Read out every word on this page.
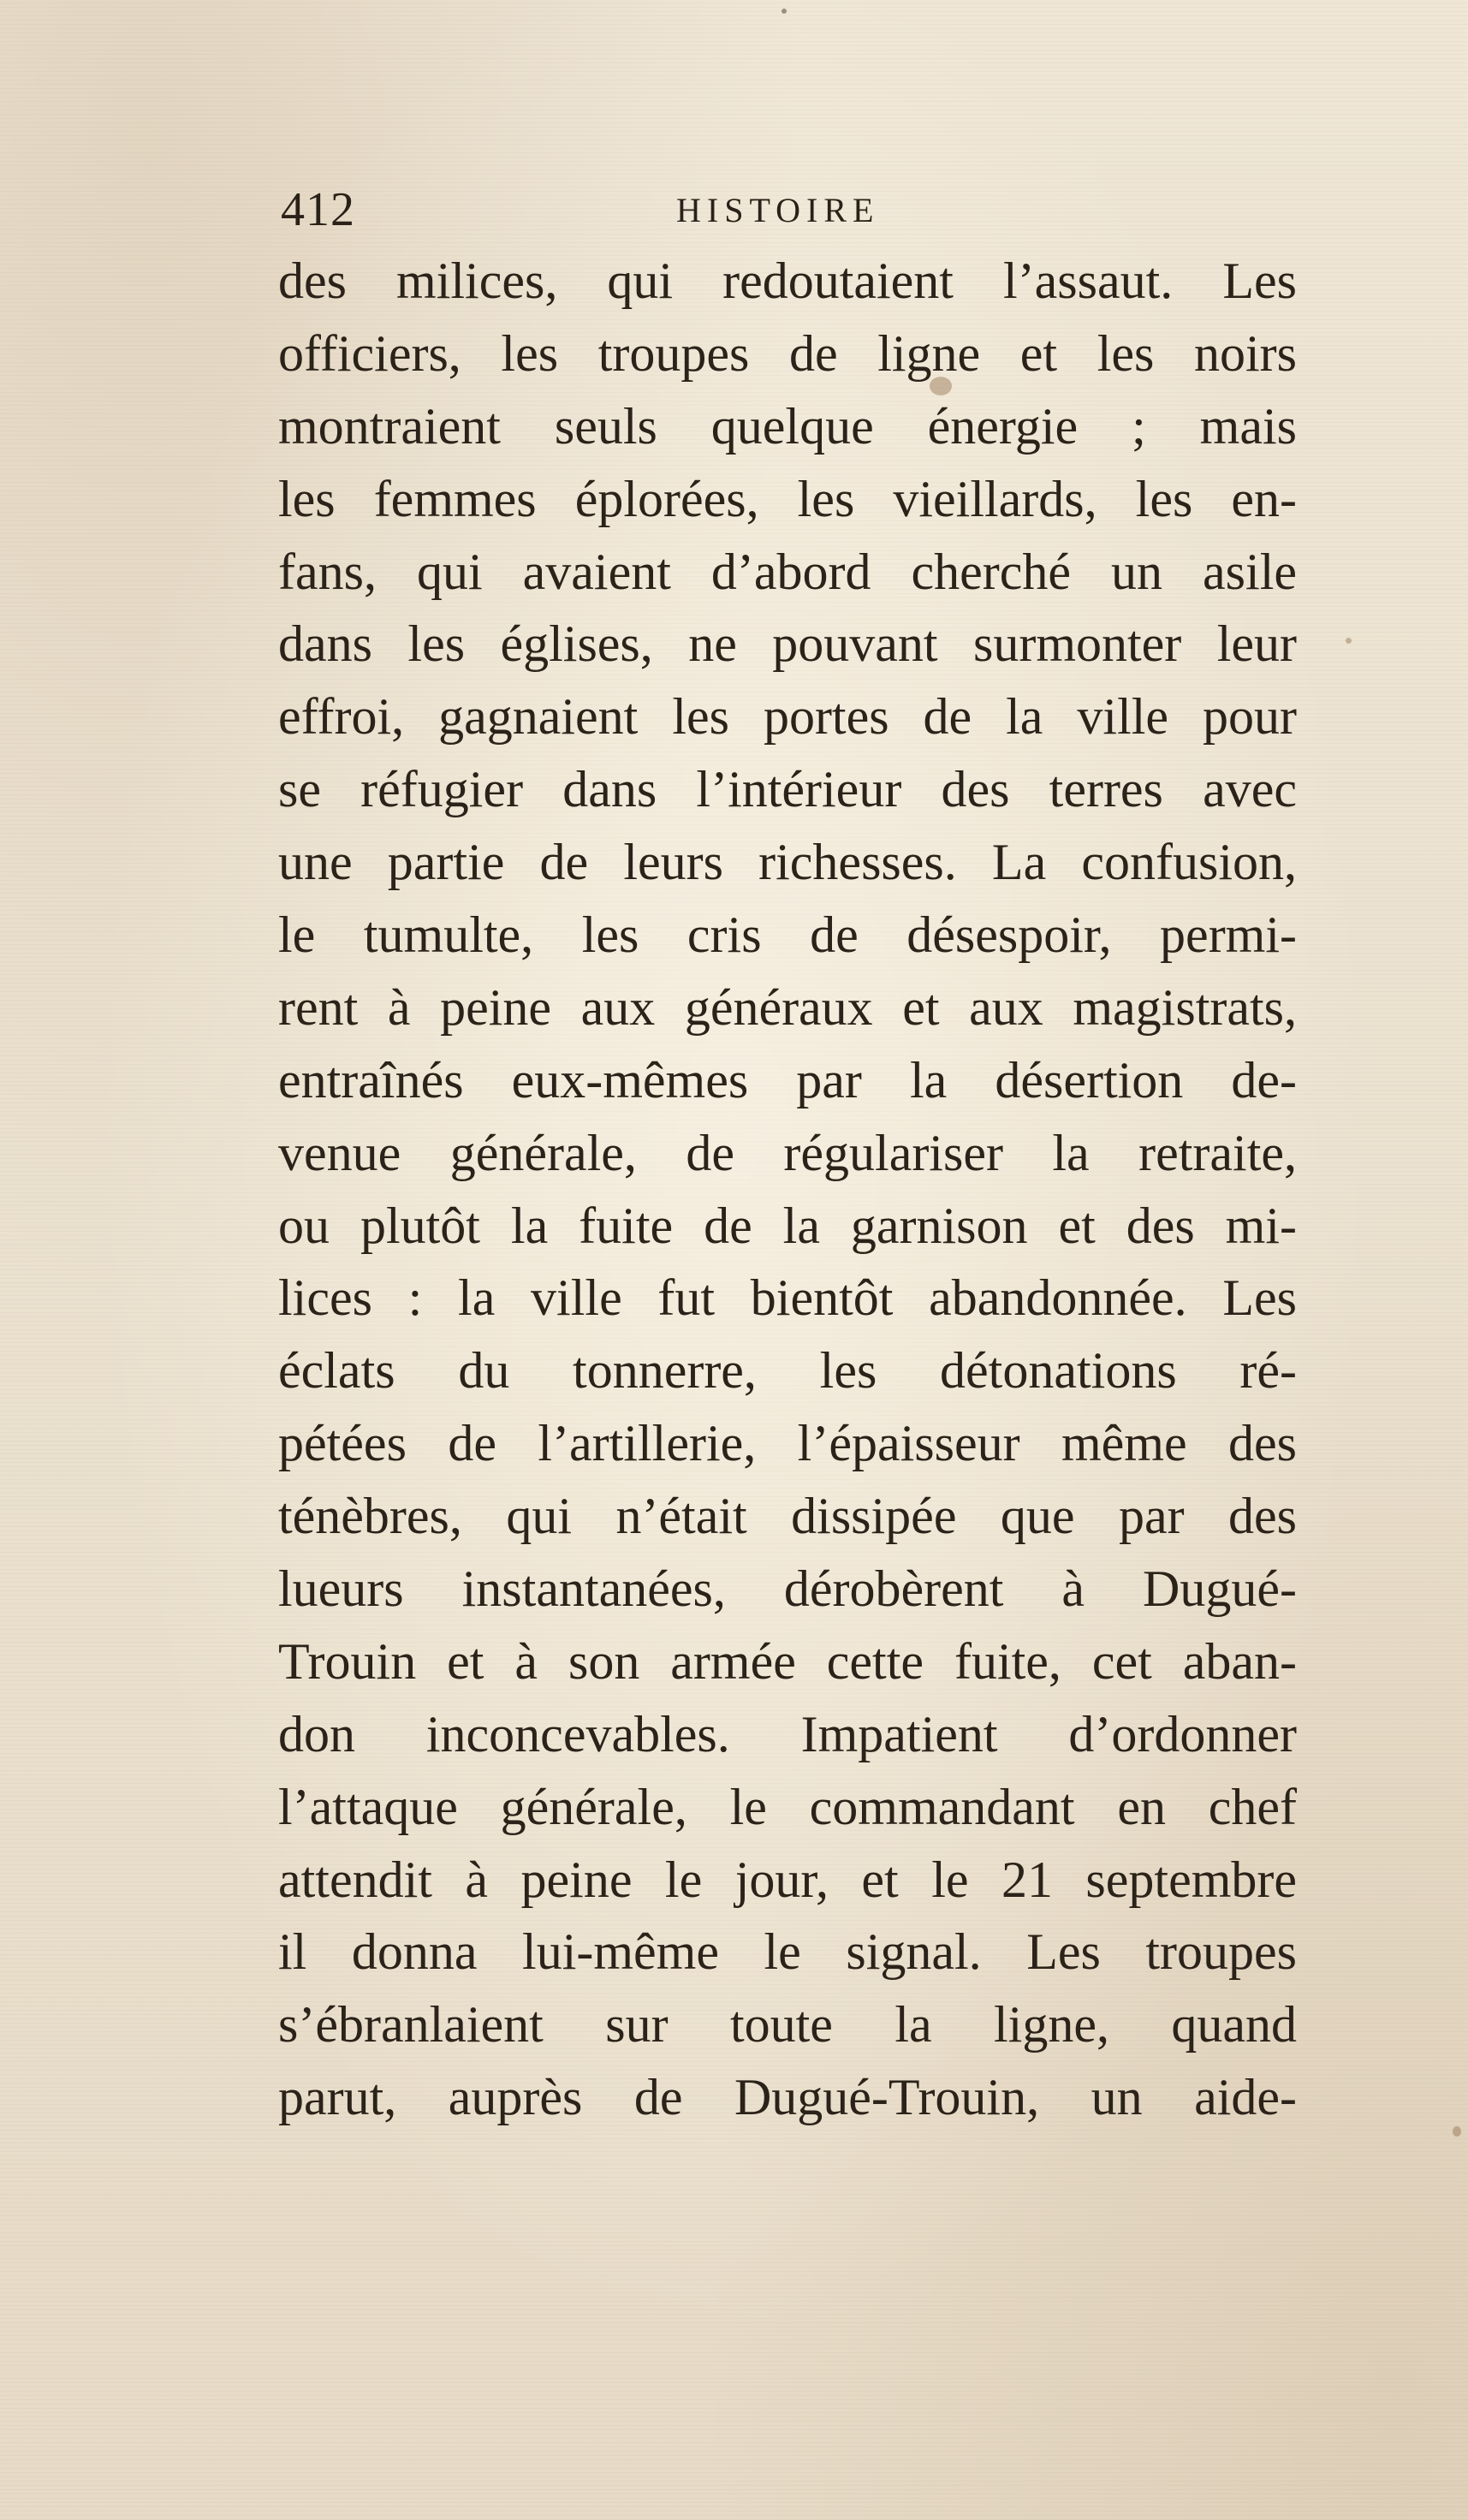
412	HISTOIRE
des milices, qui redoutaient l’assaut. Les
officiers, les troupes de ligne et les noirs
montraient seuls quelque énergie ; mais
les femmes éplorées, les vieillards, les en-
fans, qui avaient d’abord cherché un asile
dans les églises, ne pouvant surmonter leur
effroi, gagnaient les portes de la ville pour
se réfugier dans l’intérieur des terres avec
une partie de leurs richesses. La confusion,
le tumulte, les cris de désespoir, permi-
rent à peine aux généraux et aux magistrats,
entraînés eux-mêmes par la désertion de-
venue générale, de régulariser la retraite,
ou plutôt la fuite de la garnison et des mi-
lices : la ville fut bientôt abandonnée. Les
éclats du tonnerre, les détonations ré-
pétées de l’artillerie, l’épaisseur même des
ténèbres, qui n’était dissipée que par des
lueurs instantanées, dérobèrent à Dugué-
Trouin et à son armée cette fuite, cet aban-
don inconcevables. Impatient d’ordonner
l’attaque générale, le commandant en chef
attendit à peine le jour, et le 21 septembre
il donna lui-même le signal. Les troupes
s’ébranlaient sur toute la ligne, quand
parut, auprès de Dugué-Trouin, un aide-
